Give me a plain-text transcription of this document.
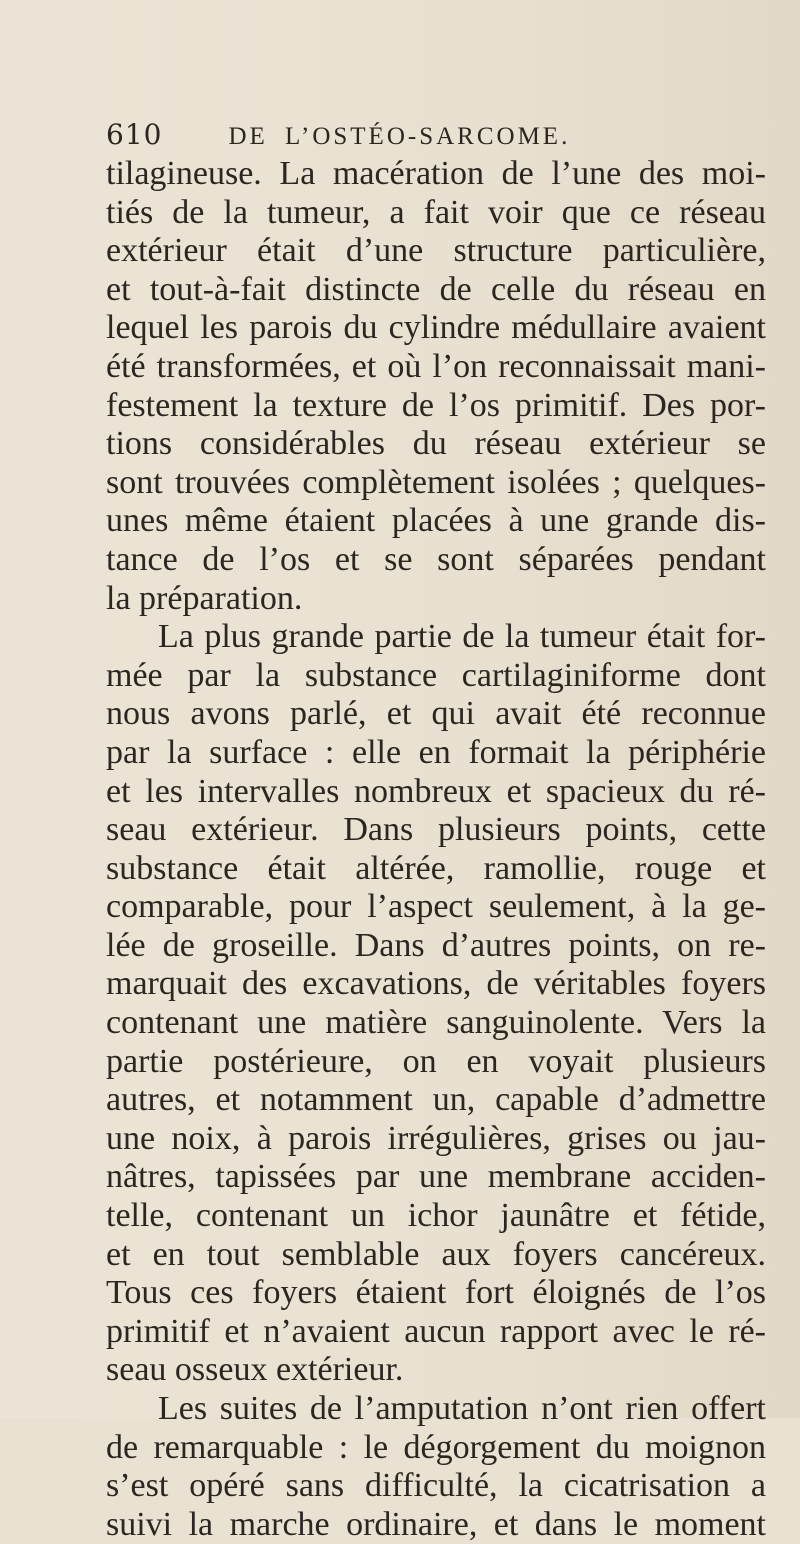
610	DE L’OSTÉO-SARCOME.
tilagineuse. La macération de l’une des moi-
tiés de la tumeur, a fait voir que ce réseau
extérieur était d’une structure particulière,
et tout-à-fait distincte de celle du réseau en
lequel les parois du cylindre médullaire avaient
été transformées, et où l’on reconnaissait mani-
festement la texture de l’os primitif. Des por-
tions considérables du réseau extérieur se
sont trouvées complètement isolées ; quelques-
unes même étaient placées à une grande dis-
tance de l’os et se sont séparées pendant
la préparation.
La plus grande partie de la tumeur était for-
mée par la substance cartilaginiforme dont
nous avons parlé, et qui avait été reconnue
par la surface : elle en formait la périphérie
et les intervalles nombreux et spacieux du ré-
seau extérieur. Dans plusieurs points, cette
substance était altérée, ramollie, rouge et
comparable, pour l’aspect seulement, à la ge-
lée de groseille. Dans d’autres points, on re-
marquait des excavations, de véritables foyers
contenant une matière sanguinolente. Vers la
partie postérieure, on en voyait plusieurs
autres, et notamment un, capable d’admettre
une noix, à parois irrégulières, grises ou jau-
nâtres, tapissées par une membrane acciden-
telle, contenant un ichor jaunâtre et fétide,
et en tout semblable aux foyers cancéreux.
Tous ces foyers étaient fort éloignés de l’os
primitif et n’avaient aucun rapport avec le ré-
seau osseux extérieur.
Les suites de l’amputation n’ont rien offert
de remarquable : le dégorgement du moignon
s’est opéré sans difficulté, la cicatrisation a
suivi la marche ordinaire, et dans le moment
